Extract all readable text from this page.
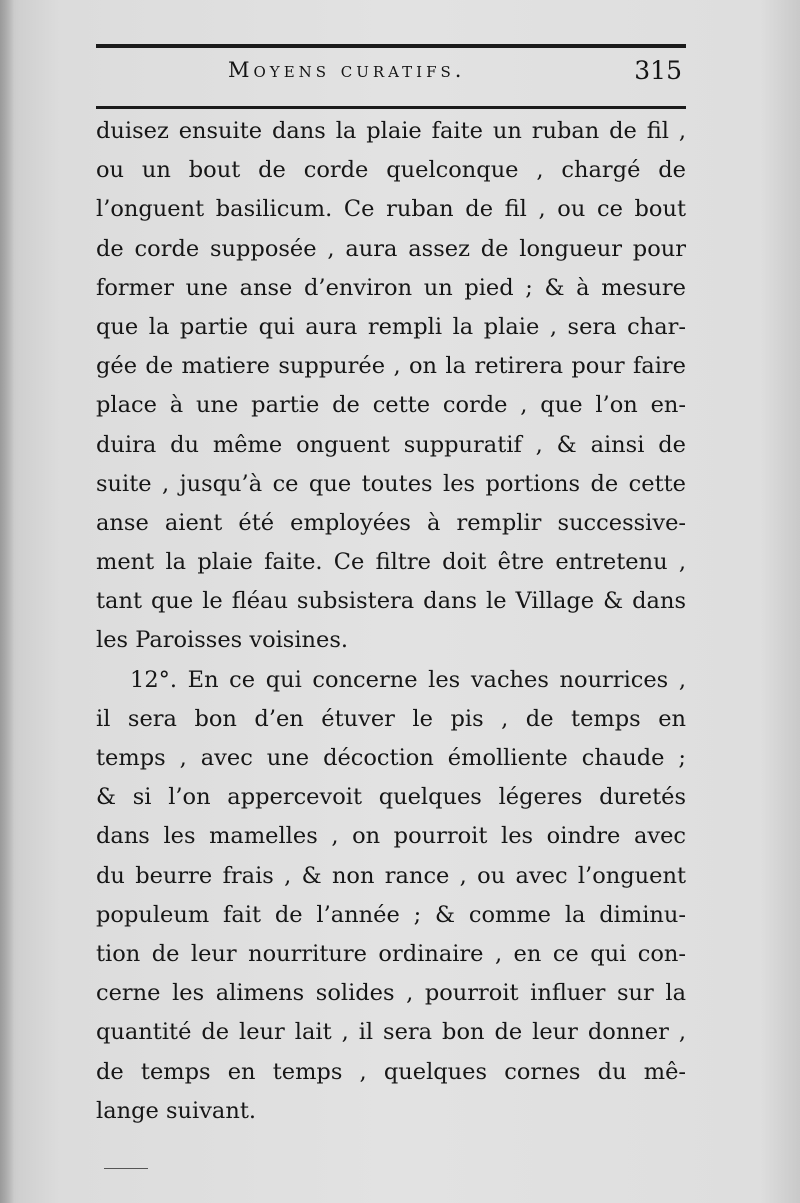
Moyens curatifs.	315
duisez ensuite dans la plaie faite un ruban de fil ,
ou un bout de corde quelconque , chargé de
l’onguent basilicum. Ce ruban de fil , ou ce bout
de corde supposée , aura assez de longueur pour
former une anse d’environ un pied ; & à mesure
que la partie qui aura rempli la plaie , sera char-
gée de matiere suppurée , on la retirera pour faire
place à une partie de cette corde , que l’on en-
duira du même onguent suppuratif , & ainsi de
suite , jusqu’à ce que toutes les portions de cette
anse aient été employées à remplir successive-
ment la plaie faite. Ce filtre doit être entretenu ,
tant que le fléau subsistera dans le Village & dans
les Paroisses voisines.
12°. En ce qui concerne les vaches nourrices ,
il sera bon d’en étuver le pis , de temps en
temps , avec une décoction émolliente chaude ;
& si l’on appercevoit quelques légeres duretés
dans les mamelles , on pourroit les oindre avec
du beurre frais , & non rance , ou avec l’onguent
populeum fait de l’année ; & comme la diminu-
tion de leur nourriture ordinaire , en ce qui con-
cerne les alimens solides , pourroit influer sur la
quantité de leur lait , il sera bon de leur donner ,
de temps en temps , quelques cornes du mê-
lange suivant.
